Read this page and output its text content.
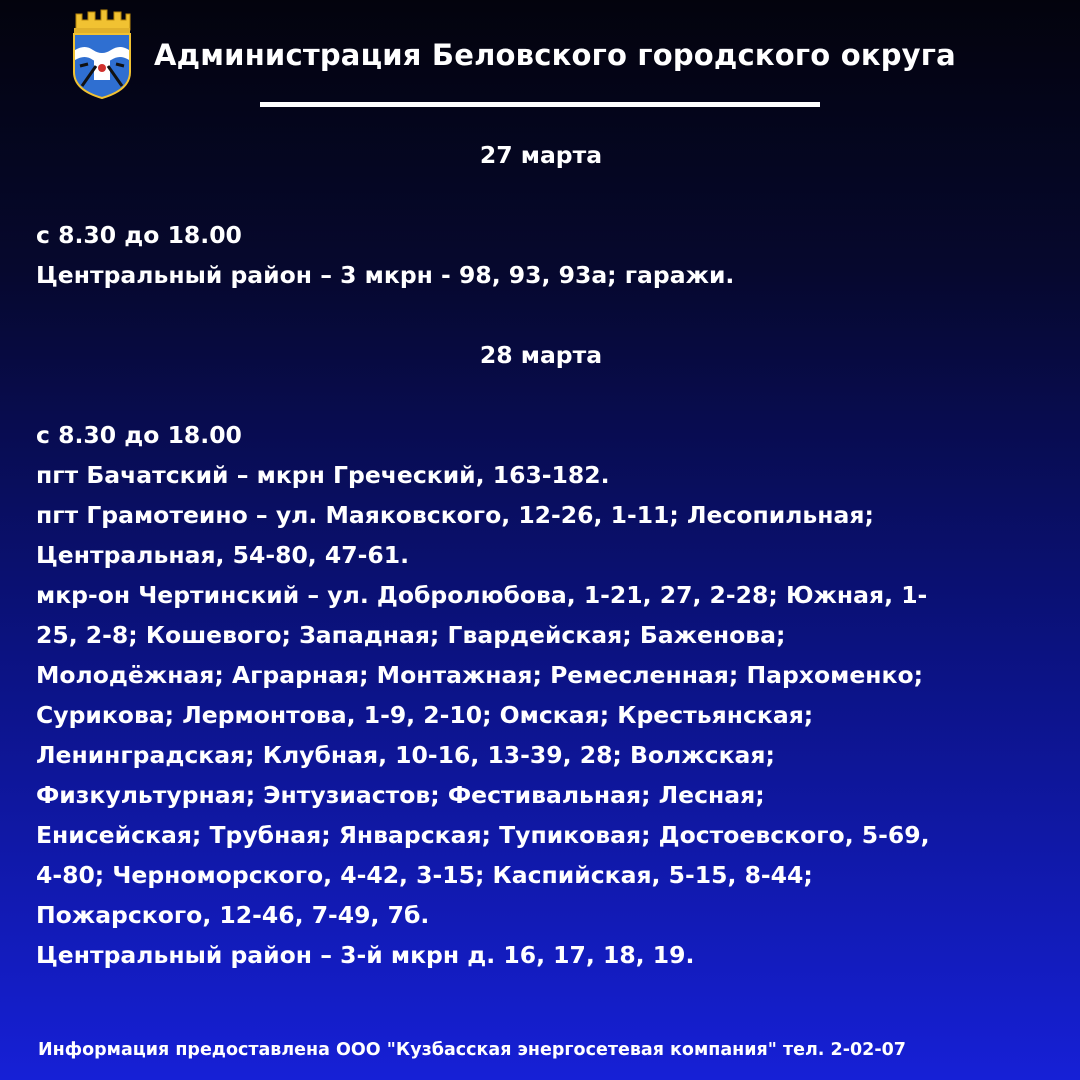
Администрация Беловского городского округа
27 марта
с 8.30 до 18.00
Центральный район – 3 мкрн - 98, 93, 93а; гаражи.
28 марта
с 8.30 до 18.00
пгт Бачатский – мкрн Греческий, 163-182.
пгт Грамотеино – ул. Маяковского, 12-26, 1-11; Лесопильная;
Центральная, 54-80, 47-61.
мкр-он Чертинский – ул. Добролюбова, 1-21, 27, 2-28; Южная, 1-
25, 2-8; Кошевого; Западная; Гвардейская; Баженова;
Молодёжная; Аграрная; Монтажная; Ремесленная; Пархоменко;
Сурикова; Лермонтова, 1-9, 2-10; Омская; Крестьянская;
Ленинградская; Клубная, 10-16, 13-39, 28; Волжская;
Физкультурная; Энтузиастов; Фестивальная; Лесная;
Енисейская; Трубная; Январская; Тупиковая; Достоевского, 5-69,
4-80; Черноморского, 4-42, 3-15; Каспийская, 5-15, 8-44;
Пожарского, 12-46, 7-49, 7б.
Центральный район – 3-й мкрн д. 16, 17, 18, 19.
Информация предоставлена ООО "Кузбасская энергосетевая компания" тел. 2-02-07
